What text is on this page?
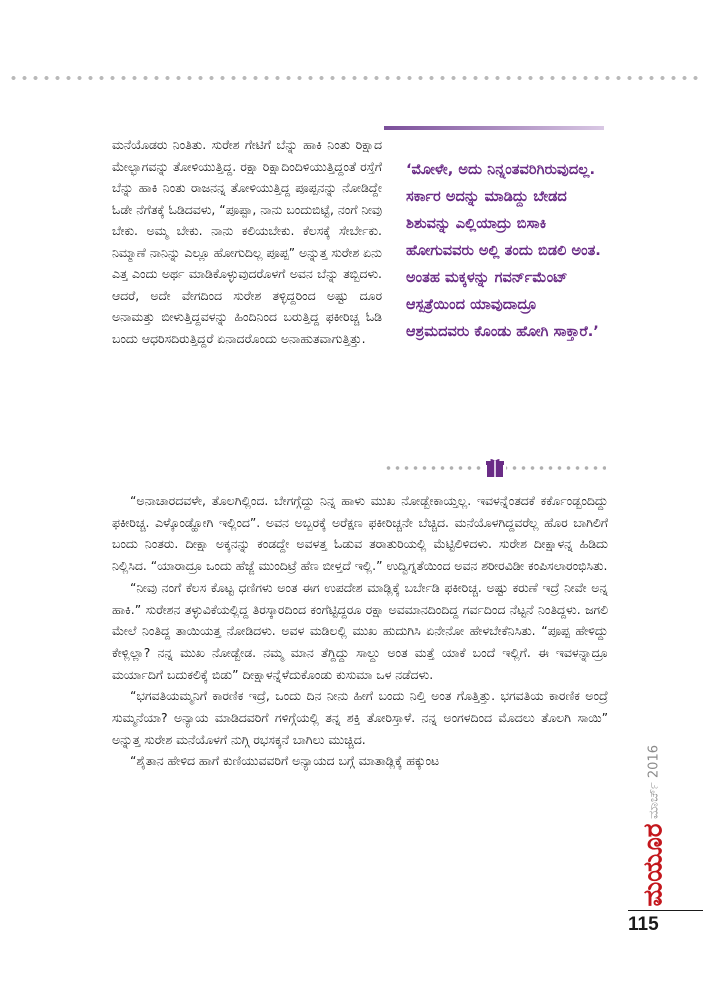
ಮನೆಯೊಡರು ನಿಂತಿತು. ಸುರೇಶ ಗೇಟಿಗೆ ಬೆನ್ನು ಹಾಕಿ ನಿಂತು ರಿಕ್ಷಾದ ಮೇಲ್ಭಾಗವನ್ನು ತೋಳಿಯುತ್ತಿದ್ದ. ರಕ್ಷಾ ರಿಕ್ಷಾದಿಂದಿಳಿಯುತ್ತಿದ್ದಂತೆ ರಸ್ತೆಗೆ ಬೆನ್ನು ಹಾಕಿ ನಿಂತು ರಾಜನನ್ನ ತೋಳಿಯುತ್ತಿದ್ದ ಪೂಪ್ಪನನ್ನು ನೋಡಿದ್ದೇ ಓಡೇ ನೆಗೆತಕ್ಕೆ ಓಡಿದವಳು, “ಪೂಪ್ಪಾ, ನಾನು ಬಂದುಬಿಟ್ಟೆ, ನಂಗೆ ನೀವು ಬೇಕು. ಅಮ್ಮ ಬೇಕು. ನಾನು ಕಲಿಯಬೇಕು. ಕೆಲಸಕ್ಕೆ ಸೇರ್ಬೇಕು. ನಿಮ್ಮಾಣೆ ನಾನಿನ್ನು ಎಲ್ಲೂ ಹೋಗುದಿಲ್ಲ ಪೂಪ್ಪ” ಅನ್ನುತ್ತ ಸುರೇಶ ಏನು ಎತ್ತ ಎಂದು ಅರ್ಥ ಮಾಡಿಕೊಳ್ಳುವುದರೊಳಗೆ ಅವನ ಬೆನ್ನು ತಬ್ಬಿದಳು. ಆದರೆ, ಅದೇ ವೇಗದಿಂದ ಸುರೇಶ ತಳ್ಳಿದ್ದರಿಂದ ಅಷ್ಟು ದೂರ ಅನಾಮತ್ತು ಬೀಳುತ್ತಿದ್ದವಳನ್ನು ಹಿಂದಿನಿಂದ ಬರುತ್ತಿದ್ದ ಫಕೀರಿಚ್ಚ ಓಡಿ ಬಂದು ಆಧರಿಸದಿರುತ್ತಿದ್ದರೆ ಏನಾದರೊಂದು ಅನಾಹುತವಾಗುತ್ತಿತ್ತು.

‘ಮೋಳೇ, ಅದು ನಿನ್ನಂತವರಿಗಿರುವುದಲ್ಲ. ಸರ್ಕಾರ ಅದನ್ನು ಮಾಡಿದ್ದು ಬೇಡದ ಶಿಶುವನ್ನು ಎಲ್ಲಿಯಾದ್ರು ಬಿಸಾಕಿ ಹೋಗುವವರು ಅಲ್ಲಿ ತಂದು ಬಿಡಲಿ ಅಂತ. ಅಂತಹ ಮಕ್ಕಳನ್ನು ಗವರ್ನ್‌ಮೆಂಟ್ ಆಸ್ಪತ್ರೆಯಿಂದ ಯಾವುದಾದ್ರೂ ಆಶ್ರಮದವರು ಕೊಂಡು ಹೋಗಿ ಸಾಕ್ತಾರೆ.’

“ಅನಾಚಾರದವಳೇ, ತೊಲಗಿಲ್ಲಿಂದ. ಬೇಗಗ್ಗೆದ್ದು ನಿನ್ನ ಹಾಳು ಮುಖ ನೋಡ್ಬೇಕಾಯ್ತಲ್ಲ. ಇವಳನ್ನೆಂತದಕೆ ಕರ್ಕೊಂಡ್ಬಂದಿದ್ದು ಫಕೀರಿಚ್ಚ. ಎಳ್ಕೊಂಡ್ಹೋಗಿ ಇಲ್ಲಿಂದ”. ಅವನ ಅಬ್ಬರಕ್ಕೆ ಅರೆಕ್ಷಣ ಫಕೀರಿಚ್ಚನೇ ಬೆಚ್ಚಿದ. ಮನೆಯೊಳಗಿದ್ದವರೆಲ್ಲ ಹೊರ ಬಾಗಿಲಿಗೆ ಬಂದು ನಿಂತರು. ದೀಕ್ಷಾ ಅಕ್ಕನನ್ನು ಕಂಡದ್ದೇ ಅವಳತ್ತ ಓಡುವ ತರಾತುರಿಯಲ್ಲಿ ಮೆಟ್ಟಿಲಿಳಿದಳು. ಸುರೇಶ ದೀಕ್ಷಾಳನ್ನ ಹಿಡಿದು ನಿಲ್ಲಿಸಿದ. “ಯಾರಾದ್ರೂ ಒಂದು ಹೆಜ್ಜೆ ಮುಂದಿಟ್ರೆ ಹೆಣ ಬೀಳ್ತದೆ ಇಲ್ಲಿ.” ಉದ್ವಿಗ್ನತೆಯಿಂದ ಅವನ ಶರೀರವಿಡೀ ಕಂಪಿಸಲಾರಂಭಿಸಿತು.

“ನೀವು ನಂಗೆ ಕೆಲಸ ಕೊಟ್ಟ ಧಣಿಗಳು ಅಂತ ಈಗ ಉಪದೇಶ ಮಾಡ್ಲಿಕ್ಕೆ ಬರ್ಬೇಡಿ ಫಕೀರಿಚ್ಚ. ಅಷ್ಟು ಕರುಣೆ ಇದ್ರೆ ನೀವೇ ಅನ್ನ ಹಾಕಿ.” ಸುರೇಶನ ತಳ್ಳುವಿಕೆಯಲ್ಲಿದ್ದ ತಿರಸ್ಕಾರದಿಂದ ಕಂಗೆಟ್ಟಿದ್ದರೂ ರಕ್ಷಾ ಅವಮಾನದಿಂದಿದ್ದ ಗರ್ವದಿಂದ ನೆಟ್ಟನೆ ನಿಂತಿದ್ದಳು. ಜಗಲಿ ಮೇಲೆ ನಿಂತಿದ್ದ ತಾಯಿಯತ್ತ ನೋಡಿದಳು. ಅವಳ ಮಡಿಲಲ್ಲಿ ಮುಖ ಹುದುಗಿಸಿ ಏನೇನೋ ಹೇಳಬೇಕೆನಿಸಿತು. “ಪೂಪ್ಪ ಹೇಳಿದ್ದು ಕೇಳ್ಲಿಲ್ಲಾ? ನನ್ನ ಮುಖ ನೋಡ್ಬೇಡ. ನಮ್ಮ ಮಾನ ತೆಗ್ದಿದ್ದು ಸಾಲ್ದು ಅಂತ ಮತ್ತೆ ಯಾಕೆ ಬಂದೆ ಇಲ್ಲಿಗೆ. ಈ ಇವಳನ್ನಾದ್ರೂ ಮರ್ಯಾದಿಗೆ ಬದುಕಲಿಕ್ಕೆ ಬಿಡು” ದೀಕ್ಷಾಳನ್ನೆಳೆದುಕೊಂಡು ಕುಸುಮಾ ಒಳ ನಡೆದಳು.

“ಭಗವತಿಯಮ್ಮನಿಗೆ ಕಾರಣಿಕ ಇದ್ರೆ, ಒಂದು ದಿನ ನೀನು ಹೀಗೆ ಬಂದು ನಿಲ್ತಿ ಅಂತ ಗೊತ್ತಿತ್ತು. ಭಗವತಿಯ ಕಾರಣಿಕ ಅಂದ್ರೆ ಸುಮ್ಮನೆಯಾ? ಅನ್ಯಾಯ ಮಾಡಿದವರಿಗೆ ಗಳಿಗ್ಗೆಯಲ್ಲಿ ತನ್ನ ಶಕ್ತಿ ತೋರಿಸ್ತಾಳೆ. ನನ್ನ ಅಂಗಳದಿಂದ ಮೊದಲು ತೊಲಗಿ ಸಾಯಿ” ಅನ್ನುತ್ತ ಸುರೇಶ ಮನೆಯೊಳಗೆ ನುಗ್ಗಿ ರಭಸಕ್ಕನೆ ಬಾಗಿಲು ಮುಚ್ಚಿದ.

“ಶೈತಾನ ಹೇಳಿದ ಹಾಗೆ ಕುಣಿಯುವವರಿಗೆ ಅನ್ಯಾಯದ ಬಗ್ಗೆ ಮಾತಾಡ್ಲಿಕ್ಕೆ ಹಕ್ಕುಂಟ	ಮಾರ್ಚ್ 2016
ಮಯೂರ
115
